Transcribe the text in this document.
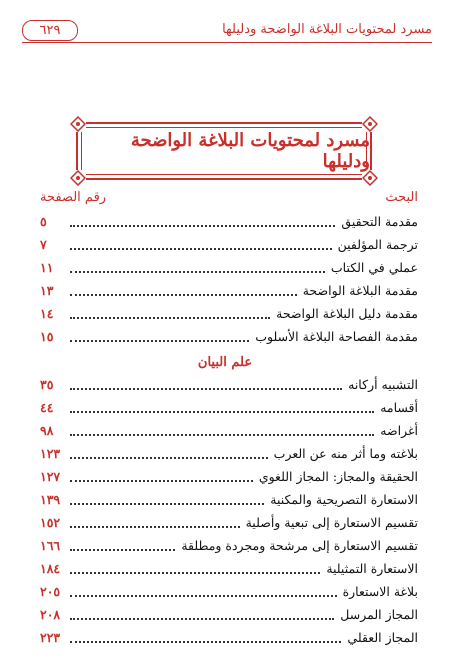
مسرد لمحتويات البلاغة الواضحة ودليلها
٦٢٩
مسرد لمحتويات البلاغة الواضحة ودليلها
البحث
رقم الصفحة
مقدمة التحقيق
٥
ترجمة المؤلفين
٧
عملي في الكتاب
١١
مقدمة البلاغة الواضحة
١٣
مقدمة دليل البلاغة الواضحة
١٤
مقدمة الفصاحة البلاغة الأسلوب
١٥
علم البيان
التشبيه أركانه
٣٥
أقسامه
٤٤
أغراضه
٩٨
بلاغته وما أثر منه عن العرب
١٢٣
الحقيقة والمجاز: المجاز اللغوي
١٢٧
الاستعارة التصريحية والمكنية
١٣٩
تقسيم الاستعارة إلى تبعية وأصلية
١٥٢
تقسيم الاستعارة إلى مرشحة ومجردة ومطلقة
١٦٦
الاستعارة التمثيلية
١٨٤
بلاغة الاستعارة
٢٠٥
المجاز المرسل
٢٠٨
المجاز العقلي
٢٢٣
